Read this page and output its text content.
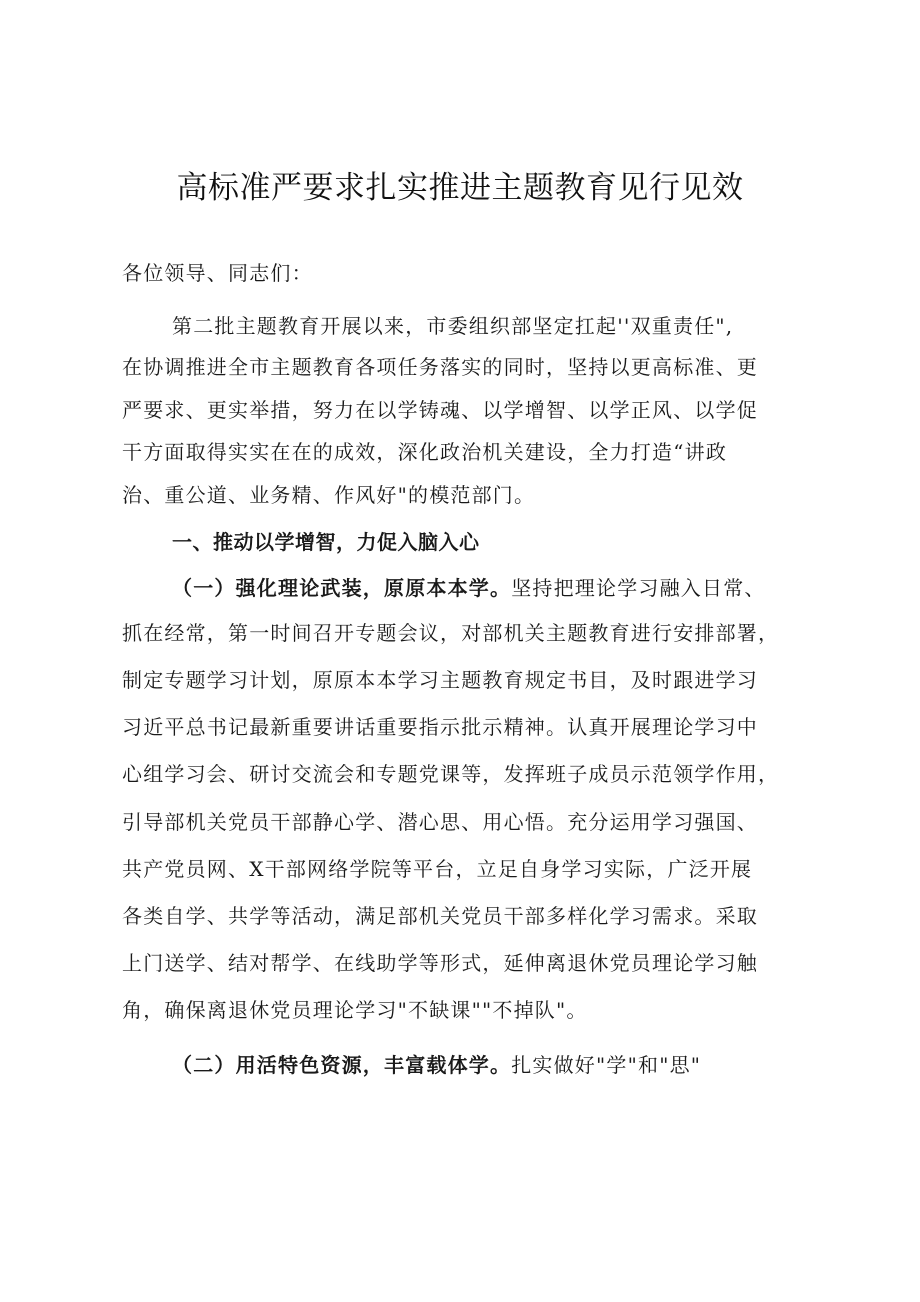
高标准严要求扎实推进主题教育见行见效
各位领导、同志们：
第二批主题教育开展以来，市委组织部坚定扛起''双重责任",
在协调推进全市主题教育各项任务落实的同时，坚持以更高标准、更
严要求、更实举措，努力在以学铸魂、以学增智、以学正风、以学促
干方面取得实实在在的成效，深化政治机关建设，全力打造“讲政
治、重公道、业务精、作风好"的模范部门。
一、推动以学增智，力促入脑入心
（一）强化理论武装，原原本本学。坚持把理论学习融入日常、
抓在经常，第一时间召开专题会议，对部机关主题教育进行安排部署，
制定专题学习计划，原原本本学习主题教育规定书目，及时跟进学习
习近平总书记最新重要讲话重要指示批示精神。认真开展理论学习中
心组学习会、研讨交流会和专题党课等，发挥班子成员示范领学作用，
引导部机关党员干部静心学、潜心思、用心悟。充分运用学习强国、
共产党员网、X干部网络学院等平台，立足自身学习实际，广泛开展
各类自学、共学等活动，满足部机关党员干部多样化学习需求。采取
上门送学、结对帮学、在线助学等形式，延伸离退休党员理论学习触
角，确保离退休党员理论学习"不缺课""不掉队"。
（二）用活特色资源，丰富载体学。扎实做好"学"和"思"
